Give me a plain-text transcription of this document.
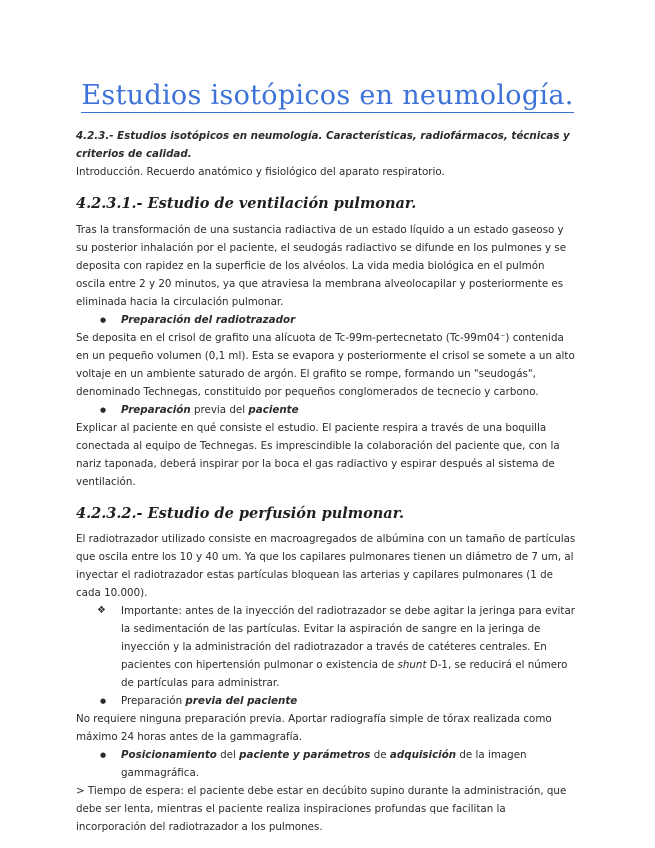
Estudios isotópicos en neumología.

4.2.3.- Estudios isotópicos en neumología. Características, radiofármacos, técnicas y criterios de calidad.

Introducción. Recuerdo anatómico y fisiológico del aparato respiratorio.

4.2.3.1.- Estudio de ventilación pulmonar.

Tras la transformación de una sustancia radiactiva de un estado líquido a un estado gaseoso y su posterior inhalación por el paciente, el seudogás radiactivo se difunde en los pulmones y se deposita con rapidez en la superficie de los alvéolos. La vida media biológica en el pulmón oscila entre 2 y 20 minutos, ya que atraviesa la membrana alveolocapilar y posteriormente es eliminada hacia la circulación pulmonar.

● Preparación del radiotrazador

Se deposita en el crisol de grafito una alícuota de Tc-99m-pertecnetato (Tc-99m04⁻) contenida en un pequeño volumen (0,1 ml). Esta se evapora y posteriormente el crisol se somete a un alto voltaje en un ambiente saturado de argón. El grafito se rompe, formando un "seudogás", denominado Technegas, constituido por pequeños conglomerados de tecnecio y carbono.

● Preparación previa del paciente

Explicar al paciente en qué consiste el estudio. El paciente respira a través de una boquilla conectada al equipo de Technegas. Es imprescindible la colaboración del paciente que, con la nariz taponada, deberá inspirar por la boca el gas radiactivo y espirar después al sistema de ventilación.

4.2.3.2.- Estudio de perfusión pulmonar.

El radiotrazador utilizado consiste en macroagregados de albúmina con un tamaño de partículas que oscila entre los 10 y 40 um. Ya que los capilares pulmonares tienen un diámetro de 7 um, al inyectar el radiotrazador estas partículas bloquean las arterias y capilares pulmonares (1 de cada 10.000).

❖ Importante: antes de la inyección del radiotrazador se debe agitar la jeringa para evitar la sedimentación de las partículas. Evitar la aspiración de sangre en la jeringa de inyección y la administración del radiotrazador a través de catéteres centrales. En pacientes con hipertensión pulmonar o existencia de shunt D-1, se reducirá el número de partículas para administrar.
● Preparación previa del paciente

No requiere ninguna preparación previa. Aportar radiografía simple de tórax realizada como máximo 24 horas antes de la gammagrafía.

● Posicionamiento del paciente y parámetros de adquisición de la imagen gammagráfica.

> Tiempo de espera: el paciente debe estar en decúbito supino durante la administración, que debe ser lenta, mientras el paciente realiza inspiraciones profundas que facilitan la incorporación del radiotrazador a los pulmones.
